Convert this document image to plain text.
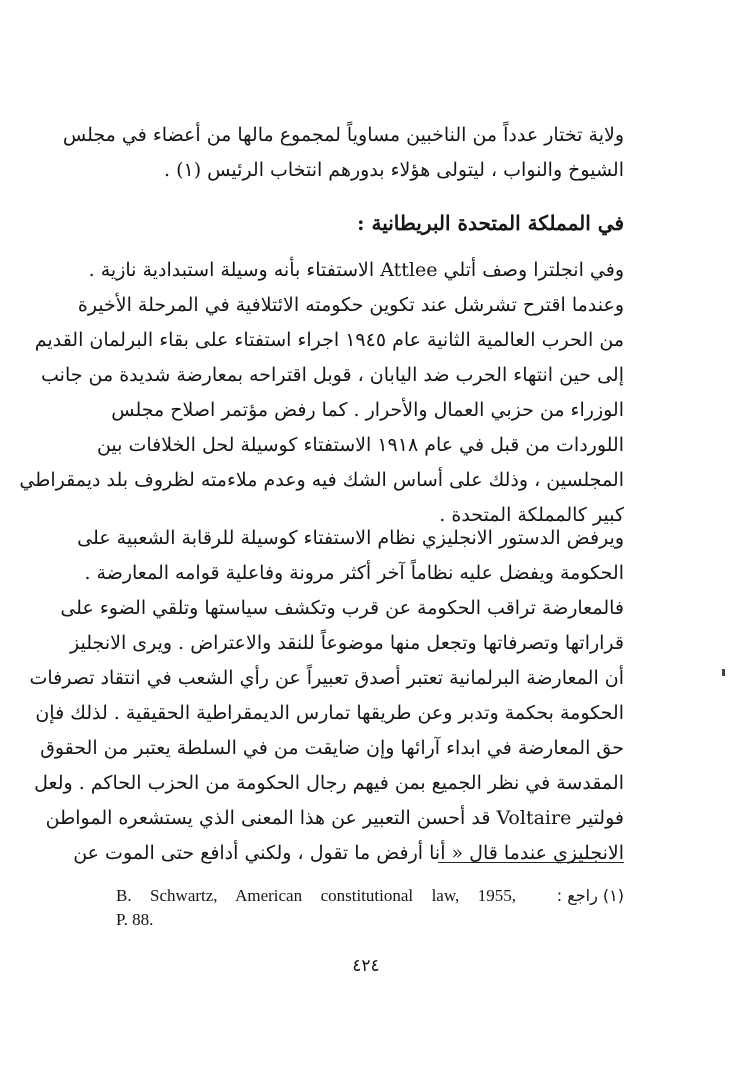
ولاية تختار عدداً من الناخبين مساوياً لمجموع مالها من أعضاء في مجلس
الشيوخ والنواب ، ليتولى هؤلاء بدورهم انتخاب الرئيس (١) .
في المملكة المتحدة البريطانية :
وفي انجلترا وصف أتلي Attlee الاستفتاء بأنه وسيلة استبدادية نازية .
وعندما اقترح تشرشل عند تكوين حكومته الائتلافية في المرحلة الأخيرة
من الحرب العالمية الثانية عام ١٩٤٥ اجراء استفتاء على بقاء البرلمان القديم
إلى حين انتهاء الحرب ضد اليابان ، قوبل اقتراحه بمعارضة شديدة من جانب
الوزراء من حزبي العمال والأحرار . كما رفض مؤتمر اصلاح مجلس
اللوردات من قبل في عام ١٩١٨ الاستفتاء كوسيلة لحل الخلافات بين
المجلسين ، وذلك على أساس الشك فيه وعدم ملاءمته لظروف بلد ديمقراطي
كبير كالمملكة المتحدة .
ويرفض الدستور الانجليزي نظام الاستفتاء كوسيلة للرقابة الشعبية على
الحكومة ويفضل عليه نظاماً آخر أكثر مرونة وفاعلية قوامه المعارضة .
فالمعارضة تراقب الحكومة عن قرب وتكشف سياستها وتلقي الضوء على
قراراتها وتصرفاتها وتجعل منها موضوعاً للنقد والاعتراض . ويرى الانجليز
أن المعارضة البرلمانية تعتبر أصدق تعبيراً عن رأي الشعب في انتقاد تصرفات
الحكومة بحكمة وتدبر وعن طريقها تمارس الديمقراطية الحقيقية . لذلك فإن
حق المعارضة في ابداء آرائها وإن ضايقت من في السلطة يعتبر من الحقوق
المقدسة في نظر الجميع بمن فيهم رجال الحكومة من الحزب الحاكم . ولعل
فولتير Voltaire قد أحسن التعبير عن هذا المعنى الذي يستشعره المواطن
الانجليزي عندما قال « أنا أرفض ما تقول ، ولكني أدافع حتى الموت عن
B. Schwartz, American constitutional law, 1955,	(١) راجع :
P. 88.
٤٢٤
